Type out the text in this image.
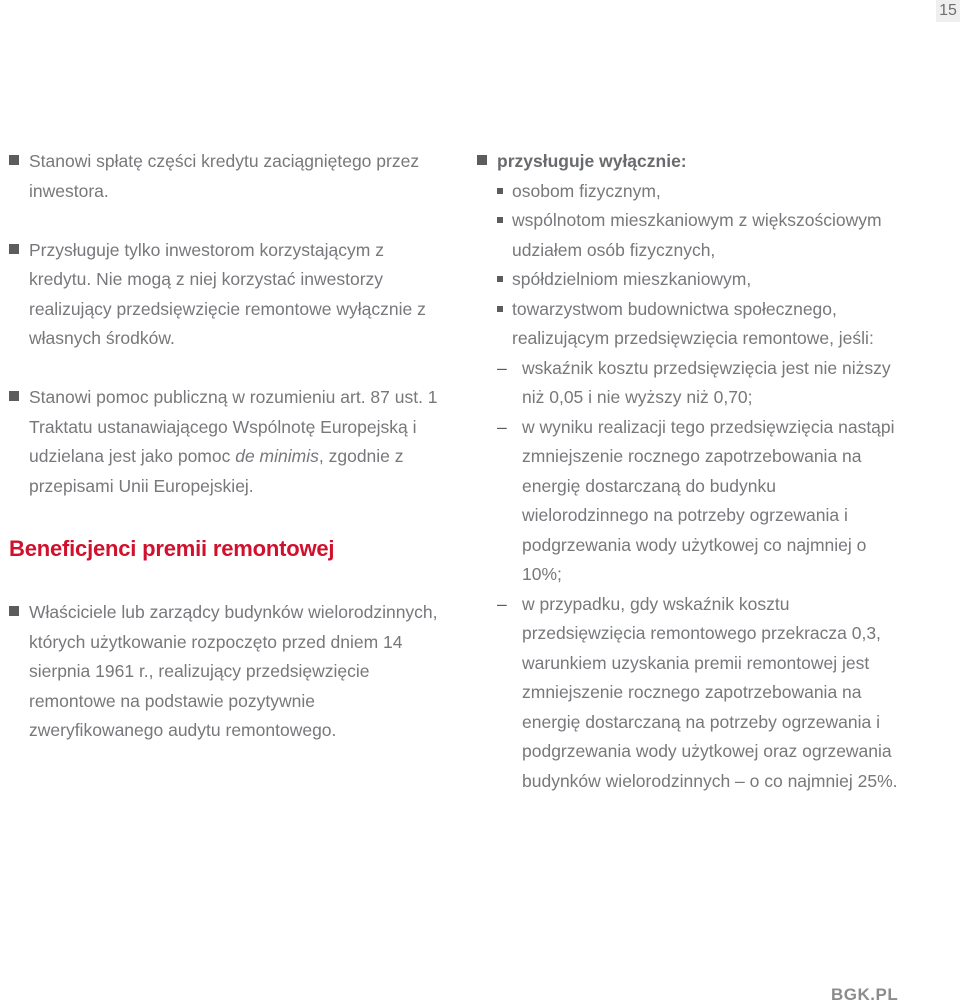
15

Stanowi spłatę części kredytu zaciągniętego przez inwestora.

Przysługuje tylko inwestorom korzystającym z kredytu. Nie mogą z niej korzystać inwestorzy realizujący przedsięwzięcie remontowe wyłącznie z własnych środków.

Stanowi pomoc publiczną w rozumieniu art. 87 ust. 1 Traktatu ustanawiającego Wspólnotę Europejską i udzielana jest jako pomoc de minimis, zgodnie z przepisami Unii Europejskiej.

Beneficjenci premii remontowej

Właściciele lub zarządcy budynków wielorodzinnych, których użytkowanie rozpoczęto przed dniem 14 sierpnia 1961 r., realizujący przedsięwzięcie remontowe na podstawie pozytywnie zweryfikowanego audytu remontowego.

przysługuje wyłącznie:
osobom fizycznym,
wspólnotom mieszkaniowym z większościowym udziałem osób fizycznych,
spółdzielniom mieszkaniowym,
towarzystwom budownictwa społecznego, realizującym przedsięwzięcia remontowe, jeśli:
– wskaźnik kosztu przedsięwzięcia jest nie niższy niż 0,05 i nie wyższy niż 0,70;
– w wyniku realizacji tego przedsięwzięcia nastąpi zmniejszenie rocznego zapotrzebowania na energię dostarczaną do budynku wielorodzinnego na potrzeby ogrzewania i podgrzewania wody użytkowej co najmniej o 10%;
– w przypadku, gdy wskaźnik kosztu przedsięwzięcia remontowego przekracza 0,3, warunkiem uzyskania premii remontowej jest zmniejszenie rocznego zapotrzebowania na energię dostarczaną na potrzeby ogrzewania i podgrzewania wody użytkowej oraz ogrzewania budynków wielorodzinnych – o co najmniej 25%.
BGK.PL
